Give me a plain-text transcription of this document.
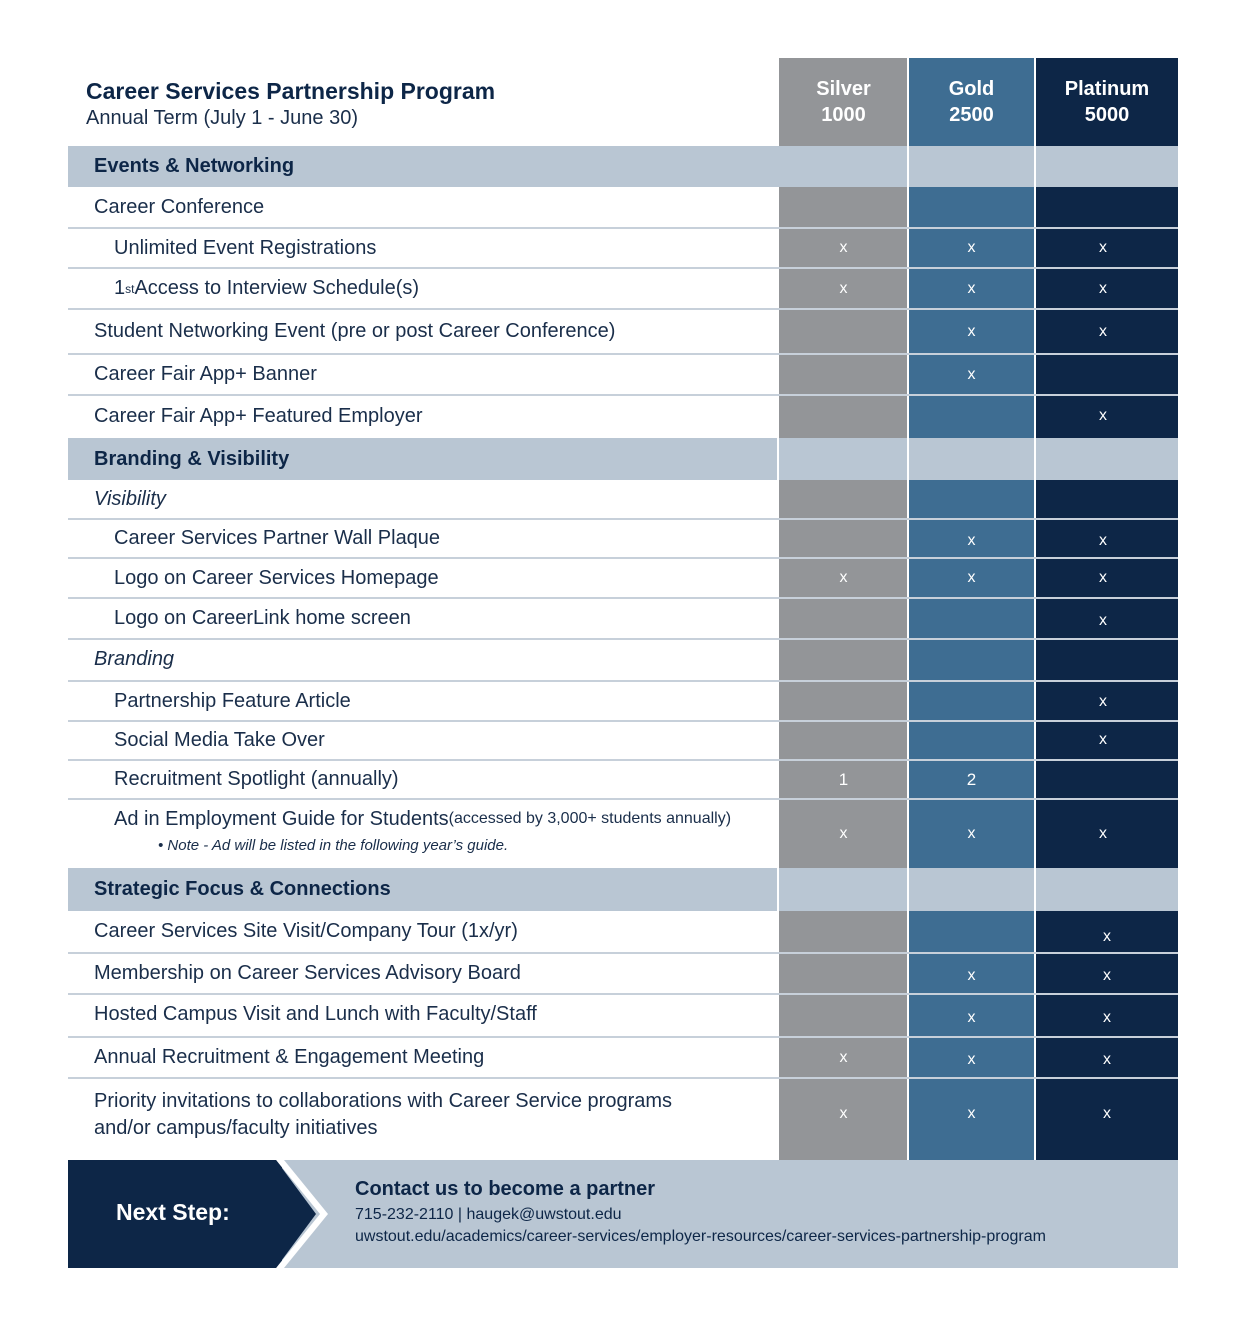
Career Services Partnership Program
Annual Term (July 1 - June 30)
Silver
1000
Gold
2500
Platinum
5000
Events & Networking
Branding & Visibility
Strategic Focus & Connections
Career Conference
Unlimited Event Registrations
1 st Access to Interview Schedule(s)
Student Networking Event (pre or post Career Conference)
Career Fair App+ Banner
Career Fair App+ Featured Employer
Visibility
Career Services Partner Wall Plaque
Logo on Career Services Homepage
Logo on CareerLink home screen
Branding
Partnership Feature Article
Social Media Take Over
Recruitment Spotlight (annually)
Ad in Employment Guide for Students (accessed by 3,000+ students annually)
• Note - Ad will be listed in the following year’s guide.
Career Services Site Visit/Company Tour (1x/yr)
Membership on Career Services Advisory Board
Hosted Campus Visit and Lunch with Faculty/Staff
Annual Recruitment & Engagement Meeting
Priority invitations to collaborations with Career Service programs
and/or campus/faculty initiatives
x
x
x
1
x
x
x
x
x
x
x
x
x
2
x
x
x
x
x
x
x
x
x
x
x
x
x
x
x
x
x
x
x
x
Next Step:
Contact us to become a partner
715-232-2110 | haugek@uwstout.edu
uwstout.edu/academics/career-services/employer-resources/career-services-partnership-program
